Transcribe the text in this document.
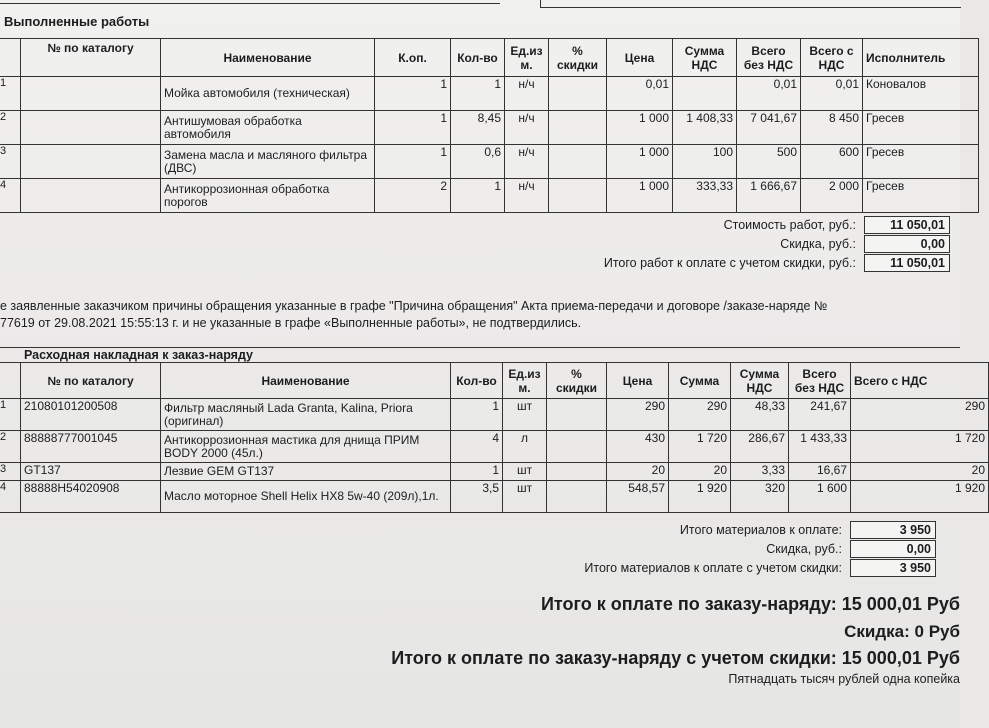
Выполненные работы
	№ по каталогу	Наименование	К.оп.	Кол-во	Ед.из м.	% скидки	Цена	Сумма НДС	Всего без НДС	Всего с НДС	Исполнитель
1		Мойка автомобиля (техническая)	1	1	н/ч		0,01		0,01	0,01	Коновалов
2		Антишумовая обработка автомобиля	1	8,45	н/ч		1 000	1 408,33	7 041,67	8 450	Гресев
3		Замена масла и масляного фильтра (ДВС)	1	0,6	н/ч		1 000	100	500	600	Гресев
4		Антикоррозионная обработка порогов	2	1	н/ч		1 000	333,33	1 666,67	2 000	Гресев
Стоимость работ, руб.:	11 050,01
Скидка, руб.:	0,00
Итого работ к оплате с учетом скидки, руб.:	11 050,01
е заявленные заказчиком причины обращения указанные в графе "Причина обращения" Акта приема-передачи и договоре /заказе-наряде №
77619 от 29.08.2021 15:55:13 г. и не указанные в графе «Выполненные работы», не подтвердились.
Расходная накладная к заказ-наряду
	№ по каталогу	Наименование	Кол-во	Ед.из м.	% скидки	Цена	Сумма	Сумма НДС	Всего без НДС	Всего с НДС
1	21080101200508	Фильтр масляный Lada Granta, Kalina, Priora (оригинал)	1	шт		290	290	48,33	241,67	290
2	88888777001045	Антикоррозионная мастика для днища ПРИМ BODY 2000 (45л.)	4	л		430	1 720	286,67	1 433,33	1 720
3	GT137	Лезвие GEM GT137	1	шт		20	20	3,33	16,67	20
4	88888H54020908	Масло моторное Shell Helix HX8 5w-40 (209л),1л.	3,5	шт		548,57	1 920	320	1 600	1 920
Итого материалов к оплате:	3 950
Скидка, руб.:	0,00
Итого материалов к оплате с учетом скидки:	3 950
Итого к оплате по заказу-наряду: 15 000,01 Руб
Скидка: 0 Руб
Итого к оплате по заказу-наряду с учетом скидки: 15 000,01 Руб
Пятнадцать тысяч рублей одна копейка
